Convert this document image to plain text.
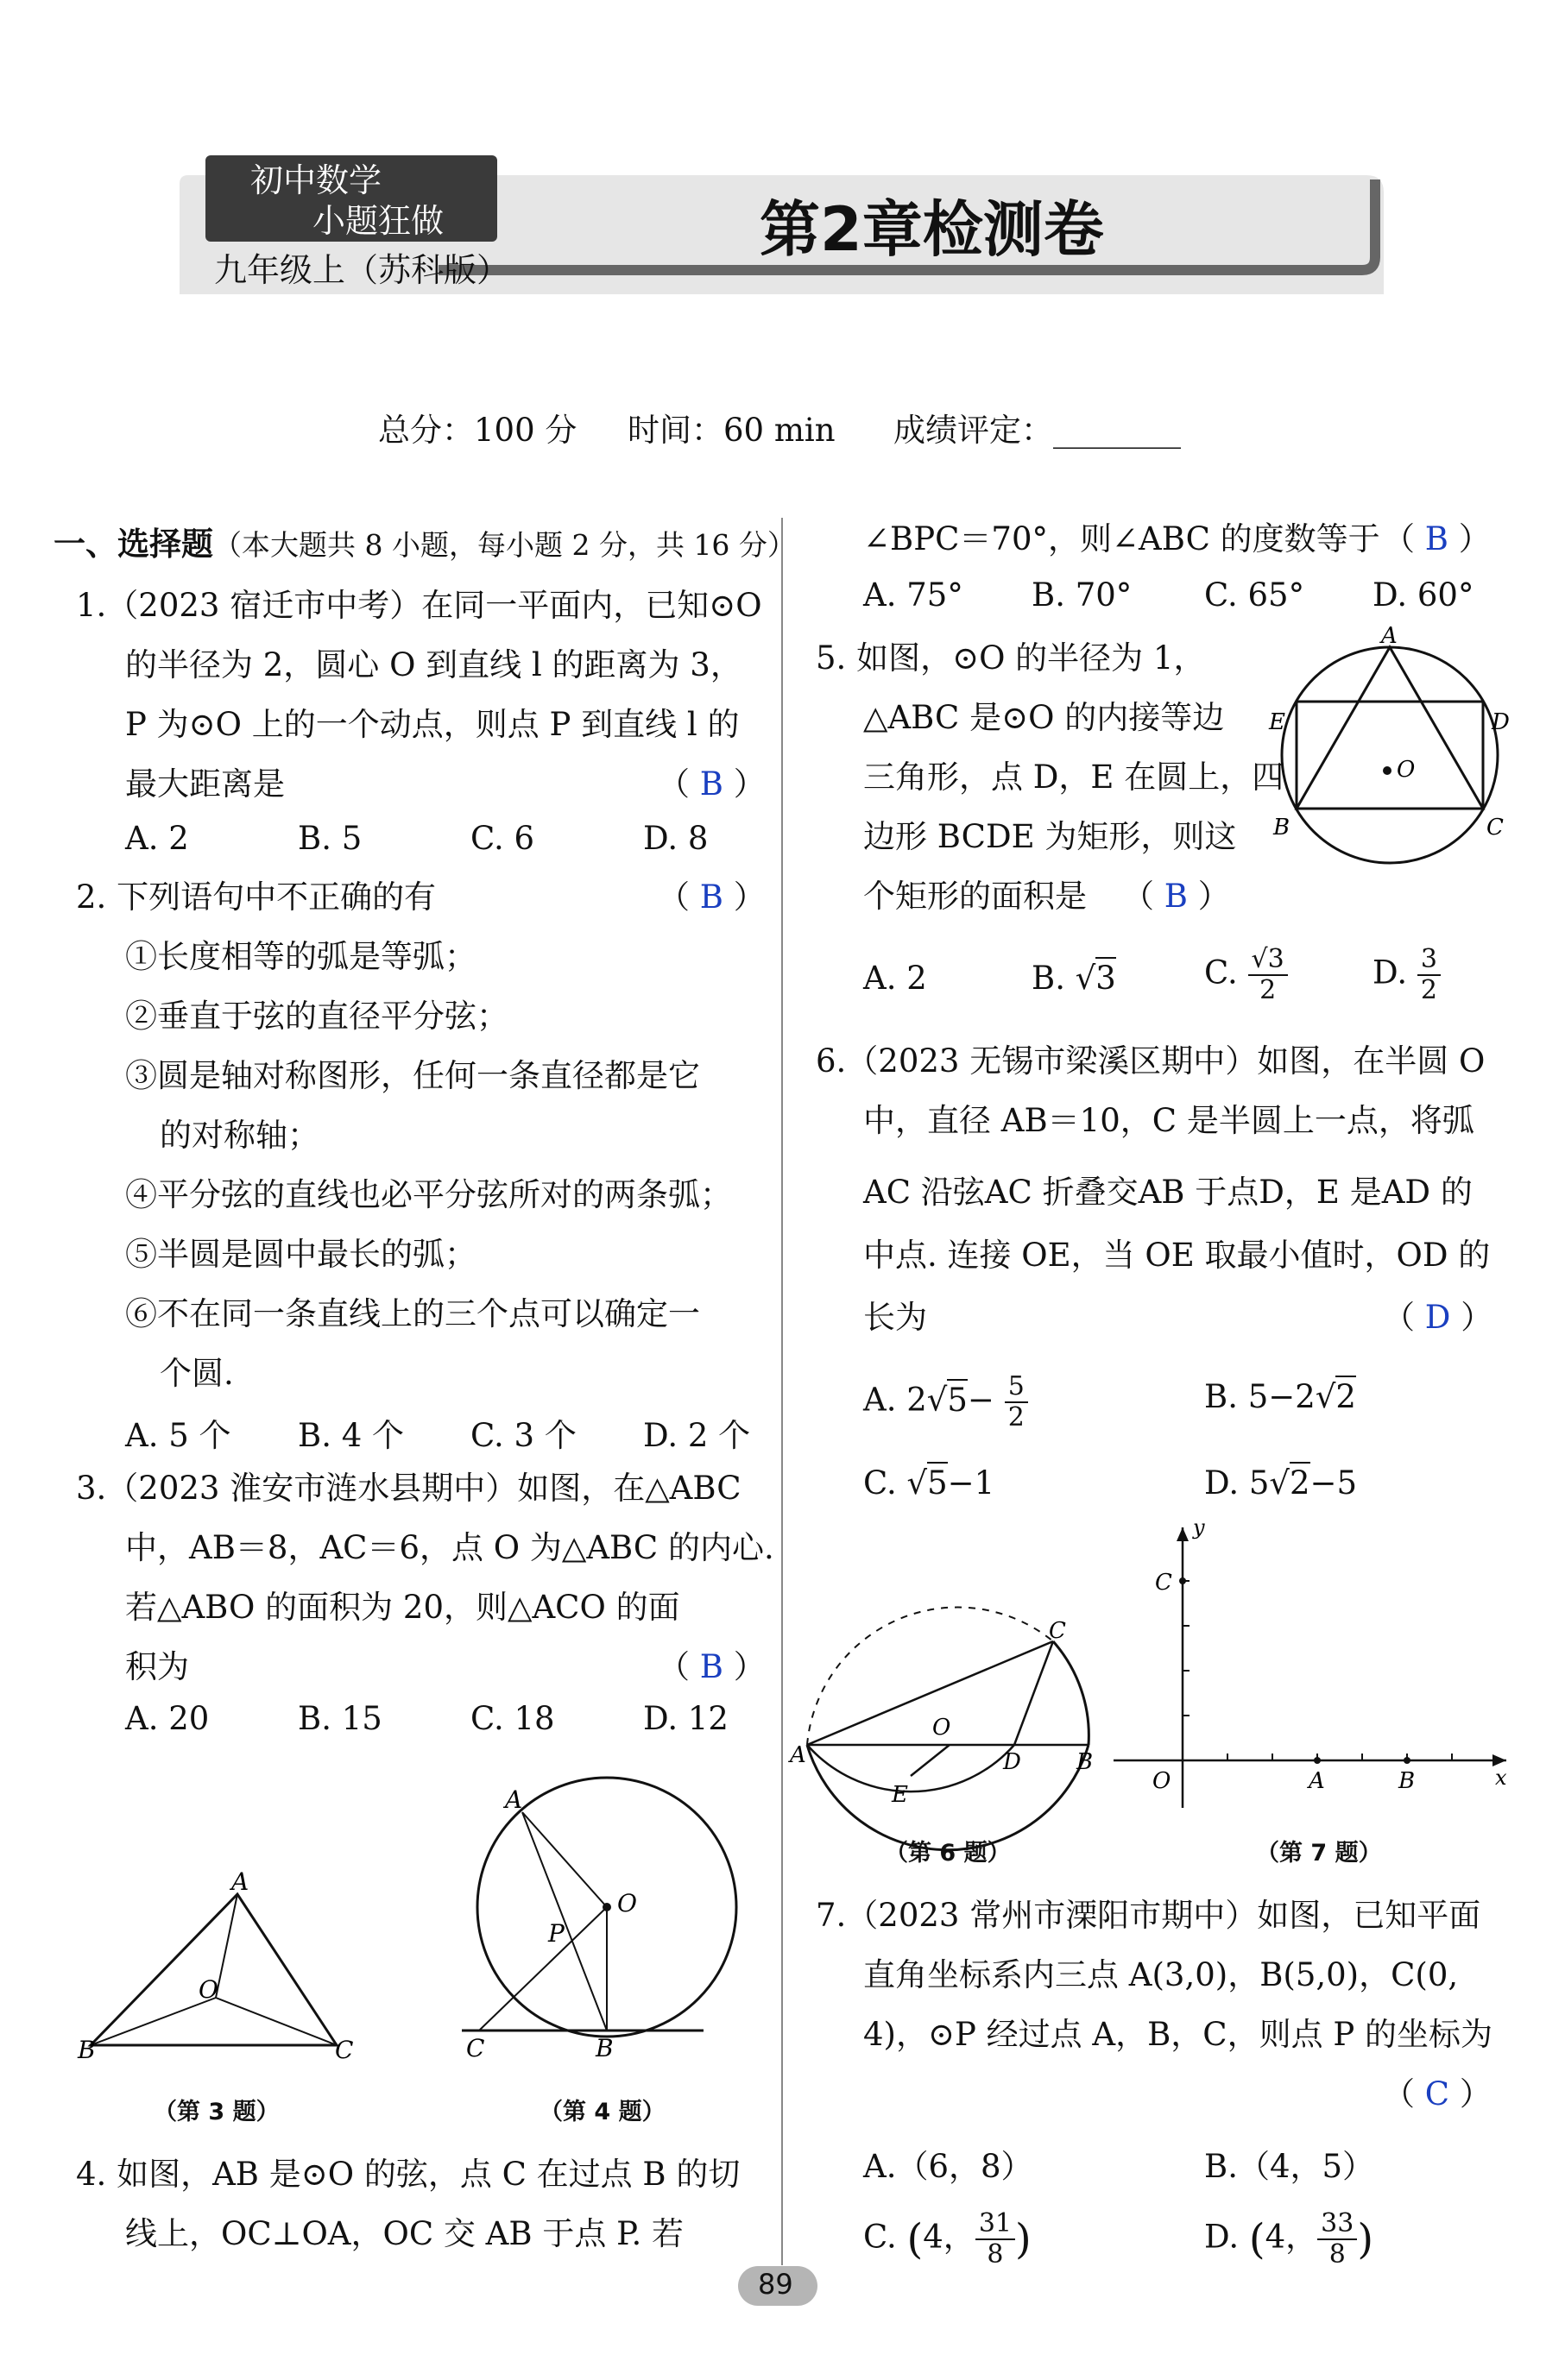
初中数学
小题狂做
九年级上（苏科版）
第2章检测卷
总分：100 分 时间：60 min 成绩评定：________
一、选择题（本大题共 8 小题，每小题 2 分，共 16 分）
1.（2023 宿迁市中考）在同一平面内，已知⊙O
的半径为 2，圆心 O 到直线 l 的距离为 3，
P 为⊙O 上的一个动点，则点 P 到直线 l 的
最大距离是	（ B ）
A. 2	B. 5	C. 6	D. 8
2. 下列语句中不正确的有	（ B ）
①长度相等的弧是等弧；
②垂直于弦的直径平分弦；
③圆是轴对称图形，任何一条直径都是它
的对称轴；
④平分弦的直线也必平分弦所对的两条弧；
⑤半圆是圆中最长的弧；
⑥不在同一条直线上的三个点可以确定一
个圆.
A. 5 个 B. 4 个 C. 3 个 D. 2 个
3.（2023 淮安市涟水县期中）如图，在△ABC
中，AB＝8，AC＝6，点 O 为△ABC 的内心.
若△ABO 的面积为 20，则△ACO 的面
积为	（ B ）
A. 20	B. 15	C. 18	D. 12
A
B	C
O
（第 3 题）
A
O
P
C	B
（第 4 题）
4. 如图，AB 是⊙O 的弦，点 C 在过点 B 的切
线上，OC⊥OA，OC 交 AB 于点 P. 若
∠BPC＝70°，则∠ABC 的度数等于 （ B ）
A. 75° B. 70° C. 65° D. 60°
5. 如图，⊙O 的半径为 1，
△ABC 是⊙O 的内接等边
三角形，点 D，E 在圆上，四
边形 BCDE 为矩形，则这
个矩形的面积是 （ B ）
A
E	D
O
B	C
A. 2	B. √3	C. $\frac{√3}{2}$	D. $\frac{3}{2}$
6.（2023 无锡市梁溪区期中）如图，在半圆 O
中，直径 AB＝10，C 是半圆上一点，将弧
AC 沿弦AC 折叠交AB 于点D，E 是AD 的
中点. 连接 OE，当 OE 取最小值时，OD 的
长为	（ D ）
A. $2√5- \frac{5}{2}$	B. 5−2√2
C. √5−1	D. 5√2−5
A	B
C
D
E
O
（第 6 题）
y
C
O	A	B	x
（第 7 题）
7.（2023 常州市溧阳市期中）如图，已知平面
直角坐标系内三点 A(3,0)，B(5,0)，C(0,
4)，⊙P 经过点 A，B，C，则点 P 的坐标为
（ C ）
A.（6，8）	B.（4，5）
C. (4， $\frac{31}{8}$ )	D. (4， $\frac{33}{8}$ )
89
